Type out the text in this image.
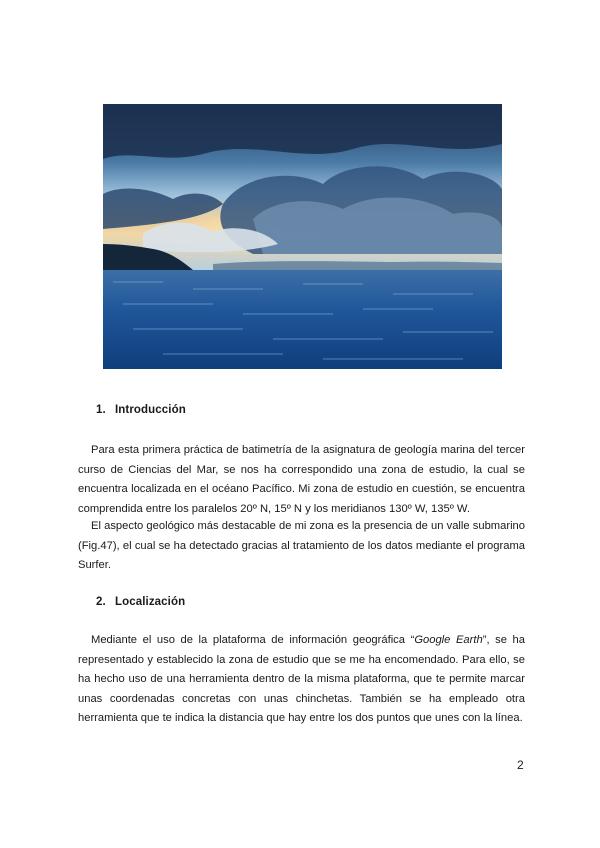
1. Introducción
Para esta primera práctica de batimetría de la asignatura de geología marina del tercer
curso de Ciencias del Mar, se nos ha correspondido una zona de estudio, la cual se
encuentra localizada en el océano Pacífico. Mi zona de estudio en cuestión, se encuentra
comprendida entre los paralelos 20º N, 15º N y los meridianos 130º W, 135º W.
El aspecto geológico más destacable de mi zona es la presencia de un valle submarino
(Fig.47), el cual se ha detectado gracias al tratamiento de los datos mediante el programa
Surfer.
2. Localización
Mediante el uso de la plataforma de información geográfica “Google Earth”, se ha
representado y establecido la zona de estudio que se me ha encomendado. Para ello, se
ha hecho uso de una herramienta dentro de la misma plataforma, que te permite marcar
unas coordenadas concretas con unas chinchetas. También se ha empleado otra
herramienta que te indica la distancia que hay entre los dos puntos que unes con la línea.
2
